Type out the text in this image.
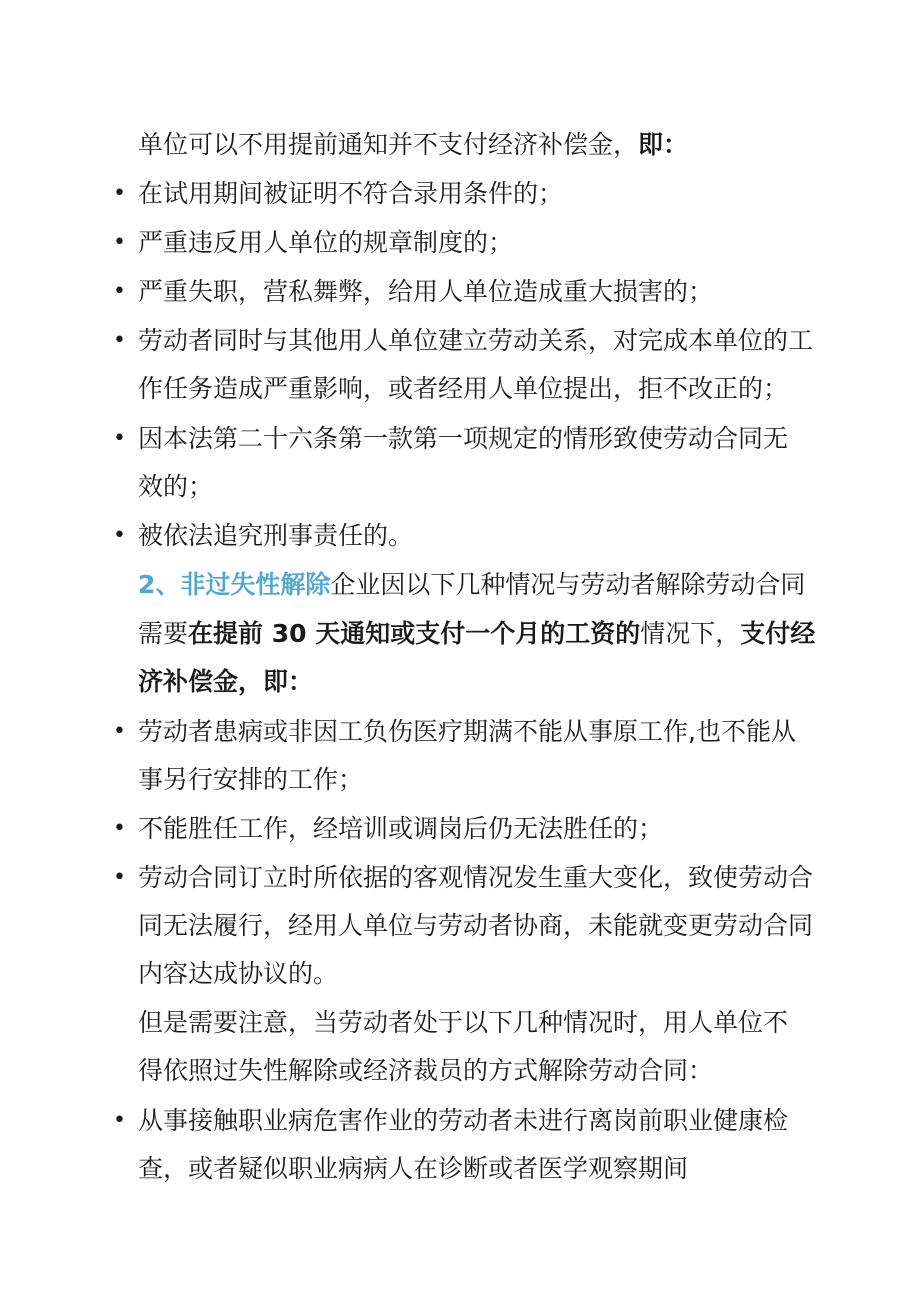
单位可以不用提前通知并不支付经济补偿金，即：
• 在试用期间被证明不符合录用条件的；
• 严重违反用人单位的规章制度的；
• 严重失职，营私舞弊，给用人单位造成重大损害的；
• 劳动者同时与其他用人单位建立劳动关系，对完成本单位的工
作任务造成严重影响，或者经用人单位提出，拒不改正的；
• 因本法第二十六条第一款第一项规定的情形致使劳动合同无
效的；
• 被依法追究刑事责任的。
2、非过失性解除企业因以下几种情况与劳动者解除劳动合同
需要在提前 30 天通知或支付一个月的工资的情况下，支付经
济补偿金，即：
• 劳动者患病或非因工负伤医疗期满不能从事原工作,也不能从
事另行安排的工作；
• 不能胜任工作，经培训或调岗后仍无法胜任的；
• 劳动合同订立时所依据的客观情况发生重大变化，致使劳动合
同无法履行，经用人单位与劳动者协商，未能就变更劳动合同
内容达成协议的。
但是需要注意，当劳动者处于以下几种情况时，用人单位不
得依照过失性解除或经济裁员的方式解除劳动合同：
• 从事接触职业病危害作业的劳动者未进行离岗前职业健康检
查，或者疑似职业病病人在诊断或者医学观察期间
